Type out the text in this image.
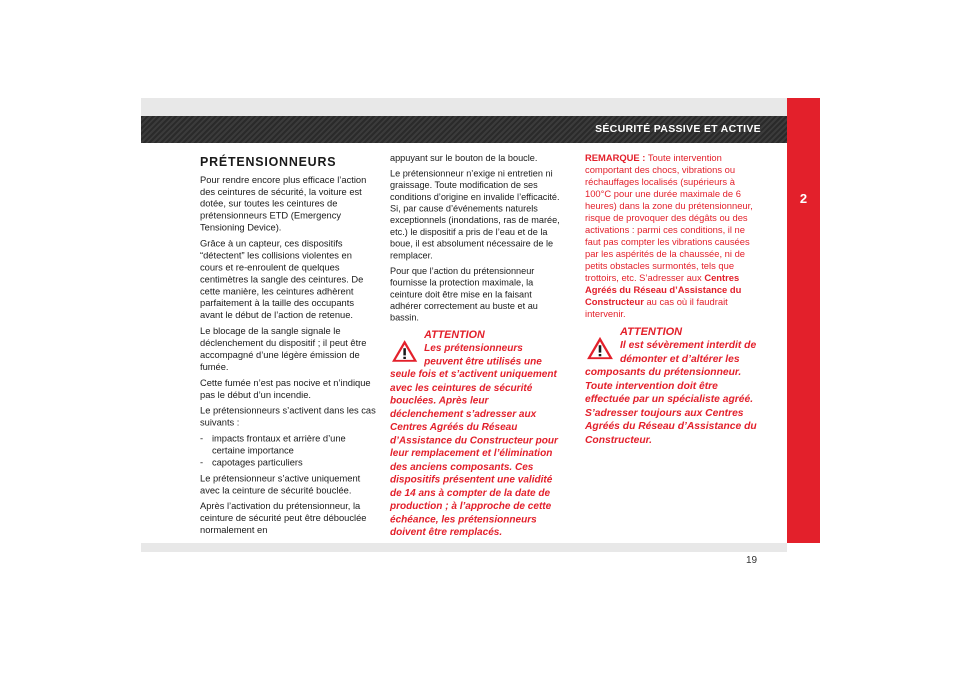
SÉCURITÉ PASSIVE ET ACTIVE
2
19
PRÉTENSIONNEURS

Pour rendre encore plus efficace l’action des ceintures de sécurité, la voiture est dotée, sur toutes les ceintures de prétensionneurs ETD (Emergency Tensioning Device).

Grâce à un capteur, ces dispositifs “détectent” les collisions violentes en cours et re-enroulent de quelques centimètres la sangle des ceintures. De cette manière, les ceintures adhèrent parfaitement à la taille des occupants avant le début de l’action de retenue.

Le blocage de la sangle signale le déclenchement du dispositif ; il peut être accompagné d’une légère émission de fumée.

Cette fumée n’est pas nocive et n’indique pas le début d’un incendie.

Le prétensionneurs s’activent dans les cas suivants :

- impacts frontaux et arrière d’une certaine importance
- capotages particuliers

Le prétensionneur s’active uniquement avec la ceinture de sécurité bouclée.

Après l’activation du prétensionneur, la ceinture de sécurité peut être débouclée normalement en

appuyant sur le bouton de la boucle.

Le prétensionneur n’exige ni entretien ni graissage. Toute modification de ses conditions d’origine en invalide l’efficacité. Si, par cause d’événements naturels exceptionnels (inondations, ras de marée, etc.) le dispositif a pris de l’eau et de la boue, il est absolument nécessaire de le remplacer.

Pour que l’action du prétensionneur fournisse la protection maximale, la ceinture doit être mise en la faisant adhérer correctement au buste et au bassin.

ATTENTION
Les prétensionneurs peuvent être utilisés une seule fois et s’activent uniquement avec les ceintures de sécurité bouclées. Après leur déclenchement s’adresser aux Centres Agréés du Réseau d’Assistance du Constructeur pour leur remplacement et l’élimination des anciens composants. Ces dispositifs présentent une validité de 14 ans à compter de la date de production ; à l’approche de cette échéance, les prétensionneurs doivent être remplacés.

REMARQUE : Toute intervention comportant des chocs, vibrations ou réchauffages localisés (supérieurs à 100°C pour une durée maximale de 6 heures) dans la zone du prétensionneur, risque de provoquer des dégâts ou des activations : parmi ces conditions, il ne faut pas compter les vibrations causées par les aspérités de la chaussée, ni de petits obstacles surmontés, tels que trottoirs, etc. S’adresser aux Centres Agréés du Réseau d’Assistance du Constructeur au cas où il faudrait intervenir.

ATTENTION
Il est sévèrement interdit de démonter et d’altérer les composants du prétensionneur. Toute intervention doit être effectuée par un spécialiste agréé. S’adresser toujours aux Centres Agréés du Réseau d’Assistance du Constructeur.
